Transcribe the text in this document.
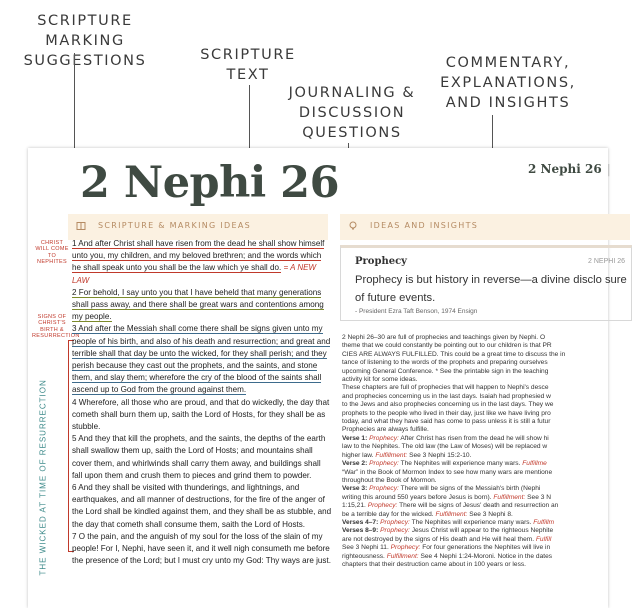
SCRIPTURE MARKING SUGGESTIONS	SCRIPTURE TEXT
JOURNALING & DISCUSSION QUESTIONS
COMMENTARY, EXPLANATIONS, AND INSIGHTS
2 Nephi 26	2 Nephi 26 |
SCRIPTURE & MARKING IDEAS	IDEAS AND INSIGHTS
CHRIST WILL COME TO NEPHITES
SIGNS OF CHRIST'S BIRTH & RESURRECTION
THE WICKED AT TIME OF RESURRECTION

1 And after Christ shall have risen from the dead he shall show himself unto you, my children, and my beloved brethren; and the words which he shall speak unto you shall be the law which ye shall do. = A NEW LAW

2 For behold, I say unto you that I have beheld that many generations shall pass away, and there shall be great wars and contentions among my people.

3 And after the Messiah shall come there shall be signs given unto my people of his birth, and also of his death and resurrection; and great and terrible shall that day be unto the wicked, for they shall perish; and they perish because they cast out the prophets, and the saints, and stone them, and slay them; wherefore the cry of the blood of the saints shall ascend up to God from the ground against them.

4 Wherefore, all those who are proud, and that do wickedly, the day that cometh shall burn them up, saith the Lord of Hosts, for they shall be as stubble.

5 And they that kill the prophets, and the saints, the depths of the earth shall swallow them up, saith the Lord of Hosts; and mountains shall cover them, and whirlwinds shall carry them away, and buildings shall fall upon them and crush them to pieces and grind them to powder.

6 And they shall be visited with thunderings, and lightnings, and earthquakes, and all manner of destructions, for the fire of the anger of the Lord shall be kindled against them, and they shall be as stubble, and the day that cometh shall consume them, saith the Lord of Hosts.

7 O the pain, and the anguish of my soul for the loss of the slain of my people! For I, Nephi, have seen it, and it well nigh consumeth me before the presence of the Lord; but I must cry unto my God: Thy ways are just.

Prophecy	2 NEPHI 26
Prophecy is but history in reverse—a divine disclo sure of future events.
- President Ezra Taft Benson, 1974 Ensign

2 Nephi 26–30 are full of prophecies and teachings given by Nephi. O

theme that we could constantly be pointing out to our children is that PR

CIES ARE ALWAYS FULFILLED. This could be a great time to discuss the in

tance of listening to the words of the prophets and preparing ourselves

upcoming General Conference. * See the printable sign in the teaching

activity kit for some ideas.

These chapters are full of prophecies that will happen to Nephi's desce

and prophecies concerning us in the last days. Isaiah had prophesied w

to the Jews and also prophecies concerning us in the last days. They we

prophets to the people who lived in their day, just like we have living pro

today, and what they have said has come to pass unless it is still a futur

Prophecies are always fulfille.

Verse 1: Prophecy: After Christ has risen from the dead he will show hi

law to the Nephites. The old law (the Law of Moses) will be replaced w

higher law. Fulfillment: See 3 Nephi 15:2-10.

Verse 2: Prophecy: The Nephites will experience many wars. Fulfillme

“War” in the Book of Mormon Index to see how many wars are mentione

throughout the Book of Mormon.

Verse 3: Prophecy: There will be signs of the Messiah's birth (Nephi

writing this around 550 years before Jesus is born). Fulfillment: See 3 N

1:15,21. Prophecy: There will be signs of Jesus' death and resurrection an

be a terrible day for the wicked. Fulfillment: See 3 Nephi 8.

Verses 4–7: Prophecy: The Nephites will experience many wars. Fulfillm

Verses 8–9: Prophecy: Jesus Christ will appear to the righteous Nephite

are not destroyed by the signs of His death and He will heal them. Fulfill

See 3 Nephi 11. Prophecy: For four generations the Nephites will live in

righteousness. Fulfillment: See 4 Nephi 1:24-Moroni. Notice in the dates

chapters that their destruction came about in 100 years or less.
